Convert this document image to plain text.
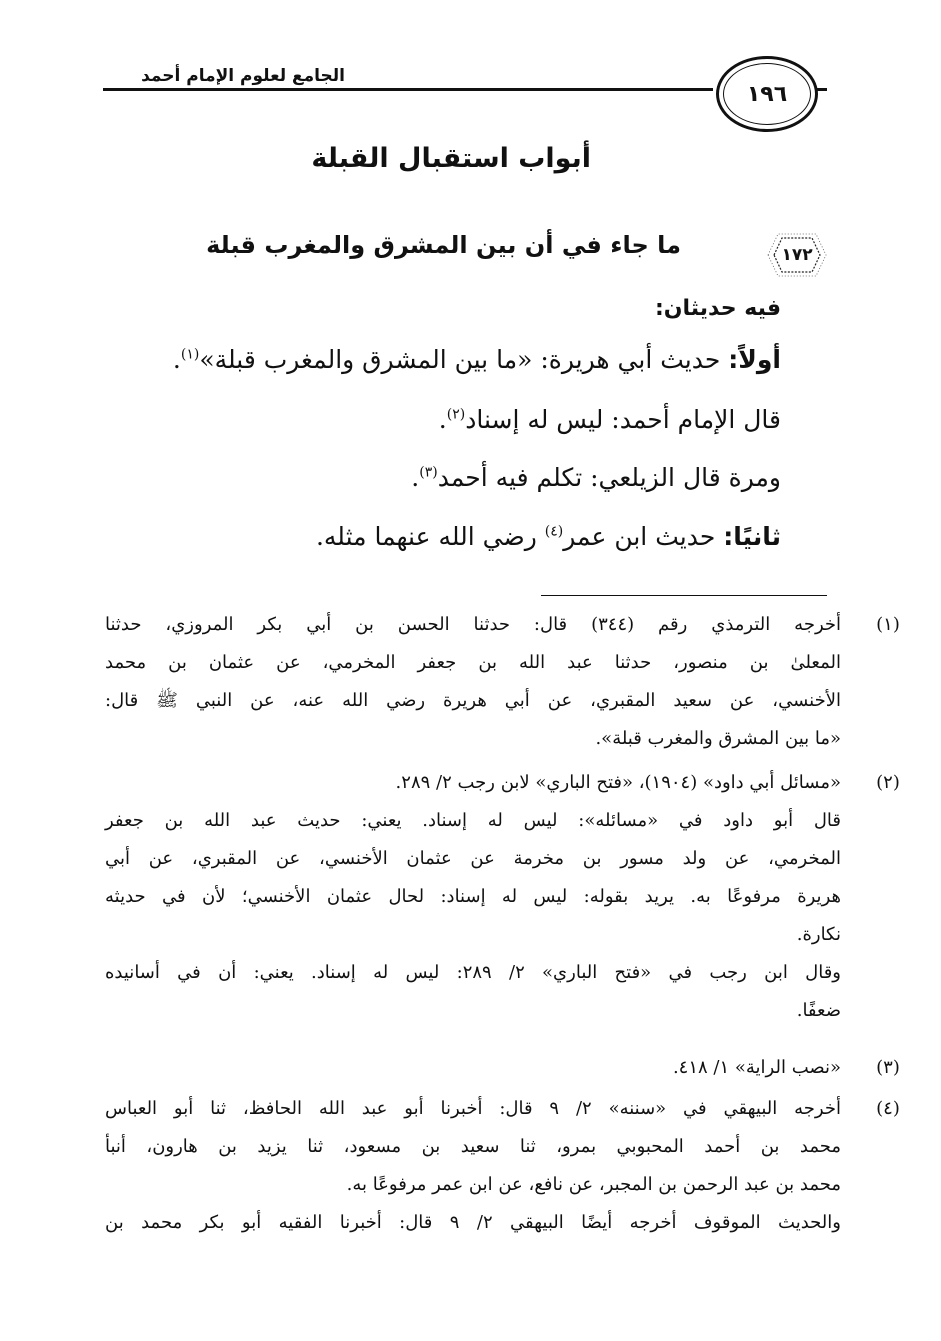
الجامع لعلوم الإمام أحمد
١٩٦
أبواب استقبال القبلة
١٧٢
ما جاء في أن بين المشرق والمغرب قبلة
فيه حديثان:
أولاً: حديث أبي هريرة: «ما بين المشرق والمغرب قبلة»$^{(١)}$.
قال الإمام أحمد: ليس له إسناد$^{(٢)}$.
ومرة قال الزيلعي: تكلم فيه أحمد$^{(٣)}$.
ثانيًا: حديث ابن عمر$^{(٤)}$ رضي الله عنهما مثله.
(١)
أخرجه الترمذي رقم (٣٤٤) قال: حدثنا الحسن بن أبي بكر المروزي، حدثنا
المعلىٰ بن منصور، حدثنا عبد الله بن جعفر المخرمي، عن عثمان بن محمد
الأخنسي، عن سعيد المقبري، عن أبي هريرة رضي الله عنه، عن النبي ﷺ قال:
«ما بين المشرق والمغرب قبلة».
(٢)
«مسائل أبي داود» (١٩٠٤)، «فتح الباري» لابن رجب ٢/ ٢٨٩.
قال أبو داود في «مسائله»: ليس له إسناد. يعني: حديث عبد الله بن جعفر
المخرمي، عن ولد مسور بن مخرمة عن عثمان الأخنسي، عن المقبري، عن أبي
هريرة مرفوعًا به. يريد بقوله: ليس له إسناد: لحال عثمان الأخنسي؛ لأن في حديثه
نكارة.
وقال ابن رجب في «فتح الباري» ٢/ ٢٨٩: ليس له إسناد. يعني: أن في أسانيده
ضعفًا.
(٣)
«نصب الراية» ١/ ٤١٨.
(٤)
أخرجه البيهقي في «سننه» ٢/ ٩ قال: أخبرنا أبو عبد الله الحافظ، ثنا أبو العباس
محمد بن أحمد المحبوبي بمرو، ثنا سعيد بن مسعود، ثنا يزيد بن هارون، أنبأ
محمد بن عبد الرحمن بن المجبر، عن نافع، عن ابن عمر مرفوعًا به.
والحديث الموقوف أخرجه أيضًا البيهقي ٢/ ٩ قال: أخبرنا الفقيه أبو بكر محمد بن
